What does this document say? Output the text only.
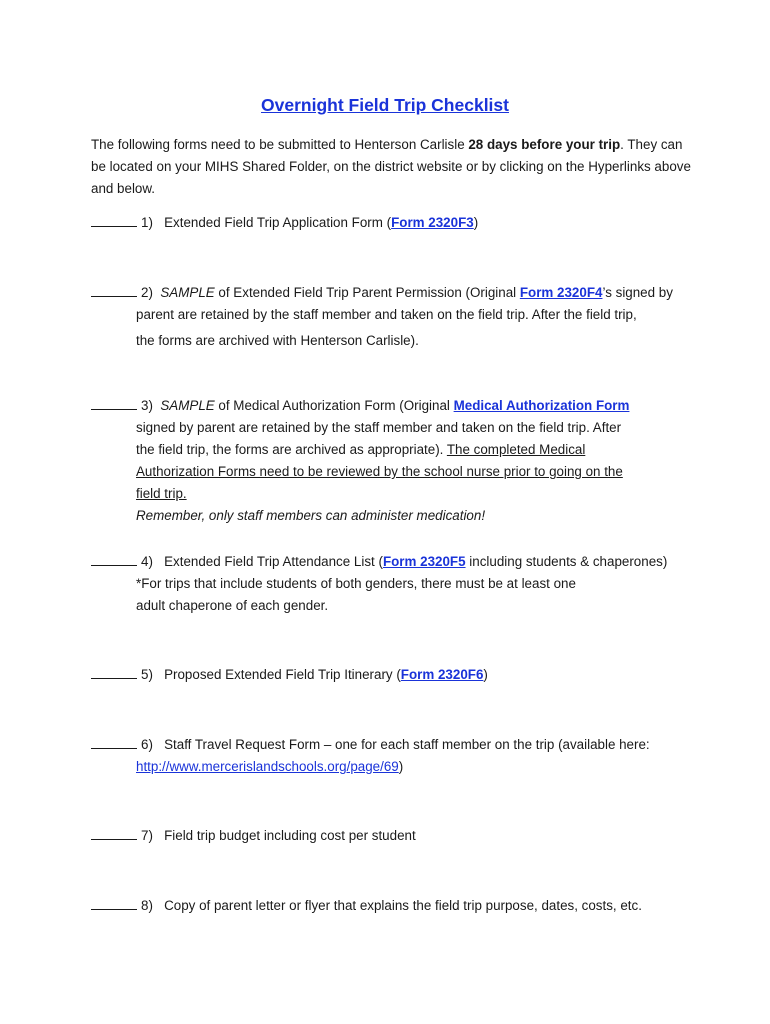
Overnight Field Trip Checklist
The following forms need to be submitted to Henterson Carlisle 28 days before your trip. They can be located on your MIHS Shared Folder, on the district website or by clicking on the Hyperlinks above and below.
1) Extended Field Trip Application Form (Form 2320F3)
2) SAMPLE of Extended Field Trip Parent Permission (Original Form 2320F4’s signed by
parent are retained by the staff member and taken on the field trip. After the field trip,
the forms are archived with Henterson Carlisle).
3) SAMPLE of Medical Authorization Form (Original Medical Authorization Form
signed by parent are retained by the staff member and taken on the field trip. After the field trip, the forms are archived as appropriate). The completed Medical Authorization Forms need to be reviewed by the school nurse prior to going on the field trip.
Remember, only staff members can administer medication!
4) Extended Field Trip Attendance List (Form 2320F5 including students & chaperones)
*For trips that include students of both genders, there must be at least one adult chaperone of each gender.
5) Proposed Extended Field Trip Itinerary (Form 2320F6)
6) Staff Travel Request Form – one for each staff member on the trip (available here:
http://www.mercerislandschools.org/page/69)
7) Field trip budget including cost per student
8) Copy of parent letter or flyer that explains the field trip purpose, dates, costs, etc.
